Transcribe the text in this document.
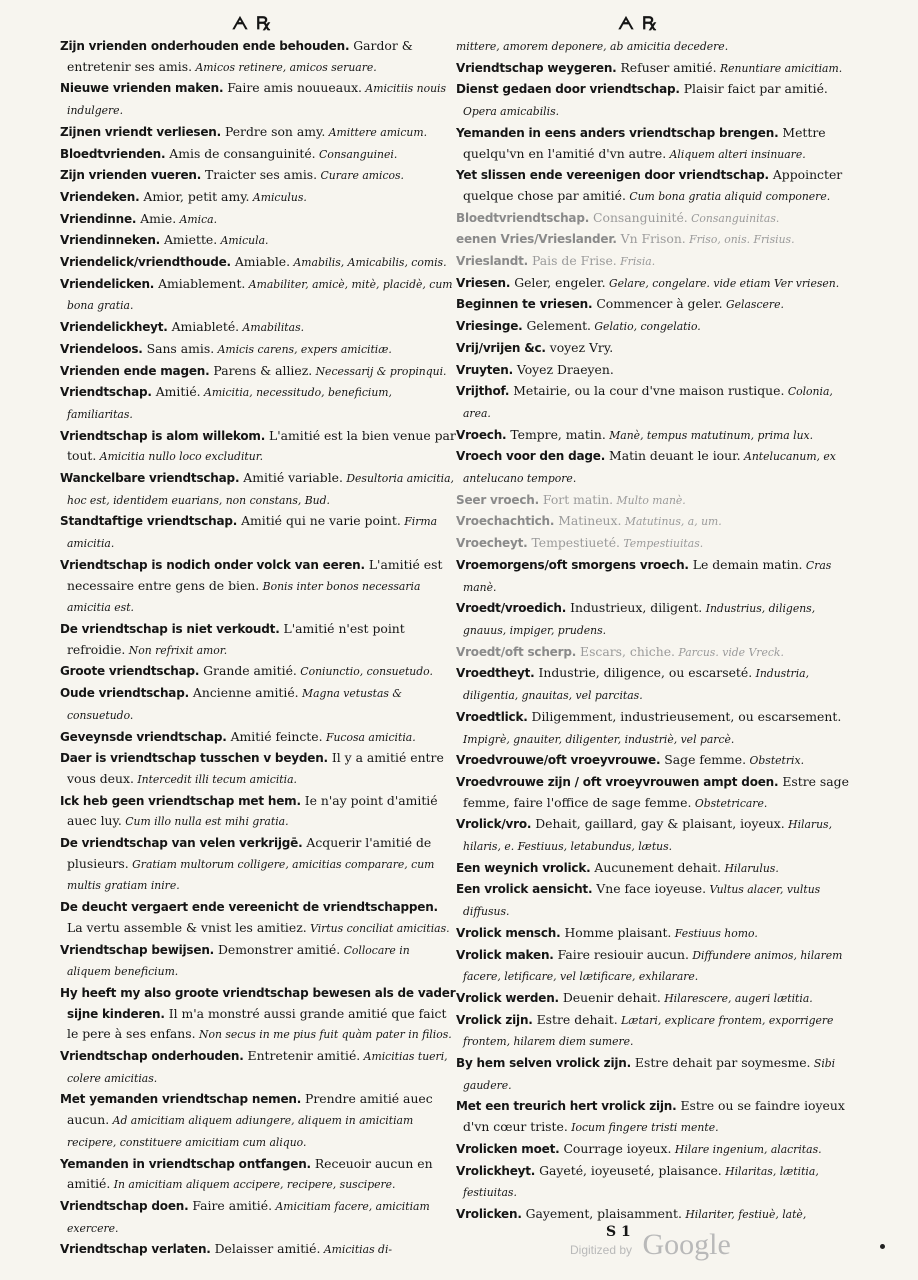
ᗅ ℞	ᗅ ℞
Zijn vrienden onderhouden ende behouden. Gardor & entretenir ses amis. Amicos retinere, amicos seruare.
Nieuwe vrienden maken. Faire amis nouueaux. Amicitiis nouis indulgere.
Zijnen vriendt verliesen. Perdre son amy. Amittere amicum.
Bloedtvrienden. Amis de consanguinité. Consanguinei.
Zijn vrienden vueren. Traicter ses amis. Curare amicos.
Vriendeken. Amior, petit amy. Amiculus.
Vriendinne. Amie. Amica.
Vriendinneken. Amiette. Amicula.
Vriendelick/vriendthoude. Amiable. Amabilis, Amicabilis, comis.
Vriendelicken. Amiablement. Amabiliter, amicè, mitè, placidè, cum bona gratia.
Vriendelickheyt. Amiableté. Amabilitas.
Vriendeloos. Sans amis. Amicis carens, expers amicitiæ.
Vrienden ende magen. Parens & alliez. Necessarij & propinqui.
Vriendtschap. Amitié. Amicitia, necessitudo, beneficium, familiaritas.
Vriendtschap is alom willekom. L'amitié est la bien venue par tout. Amicitia nullo loco excluditur.
Wanckelbare vriendtschap. Amitié variable. Desultoria amicitia, hoc est, identidem euarians, non constans, Bud.
Standtaftige vriendtschap. Amitié qui ne varie point. Firma amicitia.
Vriendtschap is nodich onder volck van eeren. L'amitié est necessaire entre gens de bien. Bonis inter bonos necessaria amicitia est.
De vriendtschap is niet verkoudt. L'amitié n'est point refroidie. Non refrixit amor.
Groote vriendtschap. Grande amitié. Coniunctio, consuetudo.
Oude vriendtschap. Ancienne amitié. Magna vetustas & consuetudo.
Geveynsde vriendtschap. Amitié feincte. Fucosa amicitia.
Daer is vriendtschap tusschen v beyden. Il y a amitié entre vous deux. Intercedit illi tecum amicitia.
Ick heb geen vriendtschap met hem. Ie n'ay point d'amitié auec luy. Cum illo nulla est mihi gratia.
De vriendtschap van velen verkrijgē. Acquerir l'amitié de plusieurs. Gratiam multorum colligere, amicitias comparare, cum multis gratiam inire.
De deucht vergaert ende vereenicht de vriendtschappen. La vertu assemble & vnist les amitiez. Virtus conciliat amicitias.
Vriendtschap bewijsen. Demonstrer amitié. Collocare in aliquem beneficium.
Hy heeft my also groote vriendtschap bewesen als de vader sijne kinderen. Il m'a monstré aussi grande amitié que faict le pere à ses enfans. Non secus in me pius fuit quàm pater in filios.
Vriendtschap onderhouden. Entretenir amitié. Amicitias tueri, colere amicitias.
Met yemanden vriendtschap nemen. Prendre amitié auec aucun. Ad amicitiam aliquem adiungere, aliquem in amicitiam recipere, constituere amicitiam cum aliquo.
Yemanden in vriendtschap ontfangen. Receuoir aucun en amitié. In amicitiam aliquem accipere, recipere, suscipere.
Vriendtschap doen. Faire amitié. Amicitiam facere, amicitiam exercere.
Vriendtschap verlaten. Delaisser amitié. Amicitias di-
mittere, amorem deponere, ab amicitia decedere.
Vriendtschap weygeren. Refuser amitié. Renuntiare amicitiam.
Dienst gedaen door vriendtschap. Plaisir faict par amitié. Opera amicabilis.
Yemanden in eens anders vriendtschap brengen. Mettre quelqu'vn en l'amitié d'vn autre. Aliquem alteri insinuare.
Yet slissen ende vereenigen door vriendtschap. Appoincter quelque chose par amitié. Cum bona gratia aliquid componere.
Bloedtvriendtschap. Consanguinité. Consanguinitas.
eenen Vries/Vrieslander. Vn Frison. Friso, onis. Frisius.
Vrieslandt. Pais de Frise. Frisia.
Vriesen. Geler, engeler. Gelare, congelare. vide etiam Ver vriesen.
Beginnen te vriesen. Commencer à geler. Gelascere.
Vriesinge. Gelement. Gelatio, congelatio.
Vrij/vrijen &c. voyez Vry.
Vruyten. Voyez Draeyen.
Vrijthof. Metairie, ou la cour d'vne maison rustique. Colonia, area.
Vroech. Tempre, matin. Manè, tempus matutinum, prima lux.
Vroech voor den dage. Matin deuant le iour. Antelucanum, ex antelucano tempore.
Seer vroech. Fort matin. Multo manè.
Vroechachtich. Matineux. Matutinus, a, um.
Vroecheyt. Tempestiueté. Tempestiuitas.
Vroemorgens/oft smorgens vroech. Le demain matin. Cras manè.
Vroedt/vroedich. Industrieux, diligent. Industrius, diligens, gnauus, impiger, prudens.
Vroedt/oft scherp. Escars, chiche. Parcus. vide Vreck.
Vroedtheyt. Industrie, diligence, ou escarseté. Industria, diligentia, gnauitas, vel parcitas.
Vroedtlick. Diligemment, industrieusement, ou escarsement. Impigrè, gnauiter, diligenter, industriè, vel parcè.
Vroedvrouwe/oft vroeyvrouwe. Sage femme. Obstetrix.
Vroedvrouwe zijn / oft vroeyvrouwen ampt doen. Estre sage femme, faire l'office de sage femme. Obstetricare.
Vrolick/vro. Dehait, gaillard, gay & plaisant, ioyeux. Hilarus, hilaris, e. Festiuus, letabundus, lætus.
Een weynich vrolick. Aucunement dehait. Hilarulus.
Een vrolick aensicht. Vne face ioyeuse. Vultus alacer, vultus diffusus.
Vrolick mensch. Homme plaisant. Festiuus homo.
Vrolick maken. Faire resiouir aucun. Diffundere animos, hilarem facere, letificare, vel lætificare, exhilarare.
Vrolick werden. Deuenir dehait. Hilarescere, augeri lætitia.
Vrolick zijn. Estre dehait. Lætari, explicare frontem, exporrigere frontem, hilarem diem sumere.
By hem selven vrolick zijn. Estre dehait par soymesme. Sibi gaudere.
Met een treurich hert vrolick zijn. Estre ou se faindre ioyeux d'vn cœur triste. Iocum fingere tristi mente.
Vrolicken moet. Courrage ioyeux. Hilare ingenium, alacritas.
Vrolickheyt. Gayeté, ioyeuseté, plaisance. Hilaritas, lætitia, festiuitas.
Vrolicken. Gayement, plaisamment. Hilariter, festiuè, latè,
S 1
Digitized by Google
